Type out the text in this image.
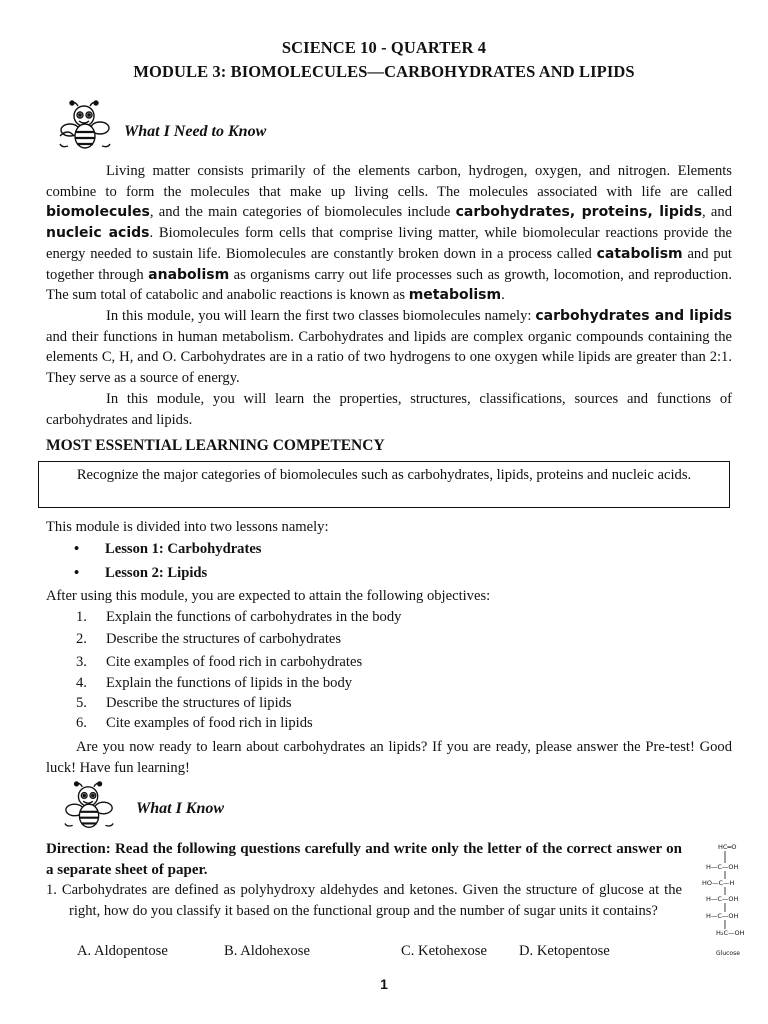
SCIENCE 10 - QUARTER 4
MODULE 3: BIOMOLECULES—CARBOHYDRATES AND LIPIDS
What I Need to Know
Living matter consists primarily of the elements carbon, hydrogen, oxygen, and nitrogen. Elements combine to form the molecules that make up living cells. The molecules associated with life are called biomolecules, and the main categories of biomolecules include carbohydrates, proteins, lipids, and nucleic acids. Biomolecules form cells that comprise living matter, while biomolecular reactions provide the energy needed to sustain life. Biomolecules are constantly broken down in a process called catabolism and put together through anabolism as organisms carry out life processes such as growth, locomotion, and reproduction. The sum total of catabolic and anabolic reactions is known as metabolism.
In this module, you will learn the first two classes biomolecules namely: carbohydrates and lipids and their functions in human metabolism. Carbohydrates and lipids are complex organic compounds containing the elements C, H, and O. Carbohydrates are in a ratio of two hydrogens to one oxygen while lipids are greater than 2:1. They serve as a source of energy.
In this module, you will learn the properties, structures, classifications, sources and functions of carbohydrates and lipids.
MOST ESSENTIAL LEARNING COMPETENCY
Recognize the major categories of biomolecules such as carbohydrates, lipids, proteins and nucleic acids.
This module is divided into two lessons namely:
• Lesson 1: Carbohydrates
• Lesson 2: Lipids
After using this module, you are expected to attain the following objectives:
1. Explain the functions of carbohydrates in the body
2. Describe the structures of carbohydrates
3. Cite examples of food rich in carbohydrates
4. Explain the functions of lipids in the body
5. Describe the structures of lipids
6. Cite examples of food rich in lipids
Are you now ready to learn about carbohydrates an lipids? If you are ready, please answer the Pre-test! Good luck! Have fun learning!
What I Know
Direction: Read the following questions carefully and write only the letter of the correct answer on a separate sheet of paper.
1. Carbohydrates are defined as polyhydroxy aldehydes and ketones. Given the structure of glucose at the right, how do you classify it based on the functional group and the number of sugar units it contains?
A. Aldopentose	B. Aldohexose	C. Ketohexose D. Ketopentose
HC═O
H—C—OH
HO—C—H
H—C—OH
H—C—OH
H₂C—OH
Glucose
1
